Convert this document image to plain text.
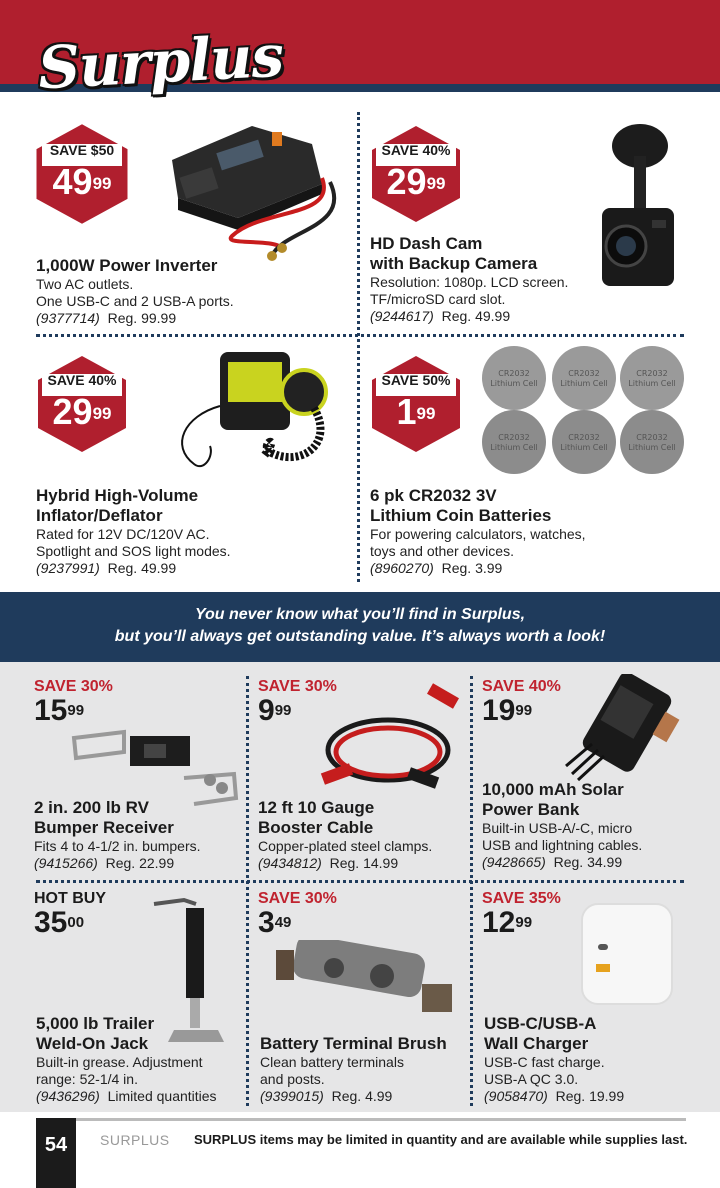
Surplus
SAVE $50
$49^{99}$
1,000W Power Inverter
Two AC outlets.
One USB-C and 2 USB-A ports.
(9377714) Reg. 99.99
SAVE 40%
$29^{99}$
HD Dash Cam
with Backup Camera
Resolution: 1080p. LCD screen.
TF/microSD card slot.
(9244617) Reg. 49.99
SAVE 40%
$29^{99}$
Hybrid High-Volume
Inflator/Deflator
Rated for 12V DC/120V AC.
Spotlight and SOS light modes.
(9237991) Reg. 49.99
SAVE 50%
$1^{99}$
CR2032
Lithium Cell
CR2032
Lithium Cell
CR2032
Lithium Cell
CR2032
Lithium Cell
CR2032
Lithium Cell
CR2032
Lithium Cell
6 pk CR2032 3V
Lithium Coin Batteries
For powering calculators, watches,
toys and other devices.
(8960270) Reg. 3.99
You never know what you’ll find in Surplus,
but you’ll always get outstanding value. It’s always worth a look!
SAVE 30%
$15^{99}$
2 in. 200 lb RV
Bumper Receiver
Fits 4 to 4-1/2 in. bumpers.
(9415266) Reg. 22.99
SAVE 30%
$9^{99}$
12 ft 10 Gauge
Booster Cable
Copper-plated steel clamps.
(9434812) Reg. 14.99
SAVE 40%
$19^{99}$
10,000 mAh Solar
Power Bank
Built-in USB-A/-C, micro
USB and lightning cables.
(9428665) Reg. 34.99
HOT BUY
$35^{00}$
5,000 lb Trailer
Weld-On Jack
Built-in grease. Adjustment
range: 52-1/4 in.
(9436296) Limited quantities
SAVE 30%
$3^{49}$
Battery Terminal Brush
Clean battery terminals
and posts.
(9399015) Reg. 4.99
SAVE 35%
$12^{99}$
USB-C/USB-A
Wall Charger
USB-C fast charge.
USB-A QC 3.0.
(9058470) Reg. 19.99
54	SURPLUS SURPLUS items may be limited in quantity and are available while supplies last.
